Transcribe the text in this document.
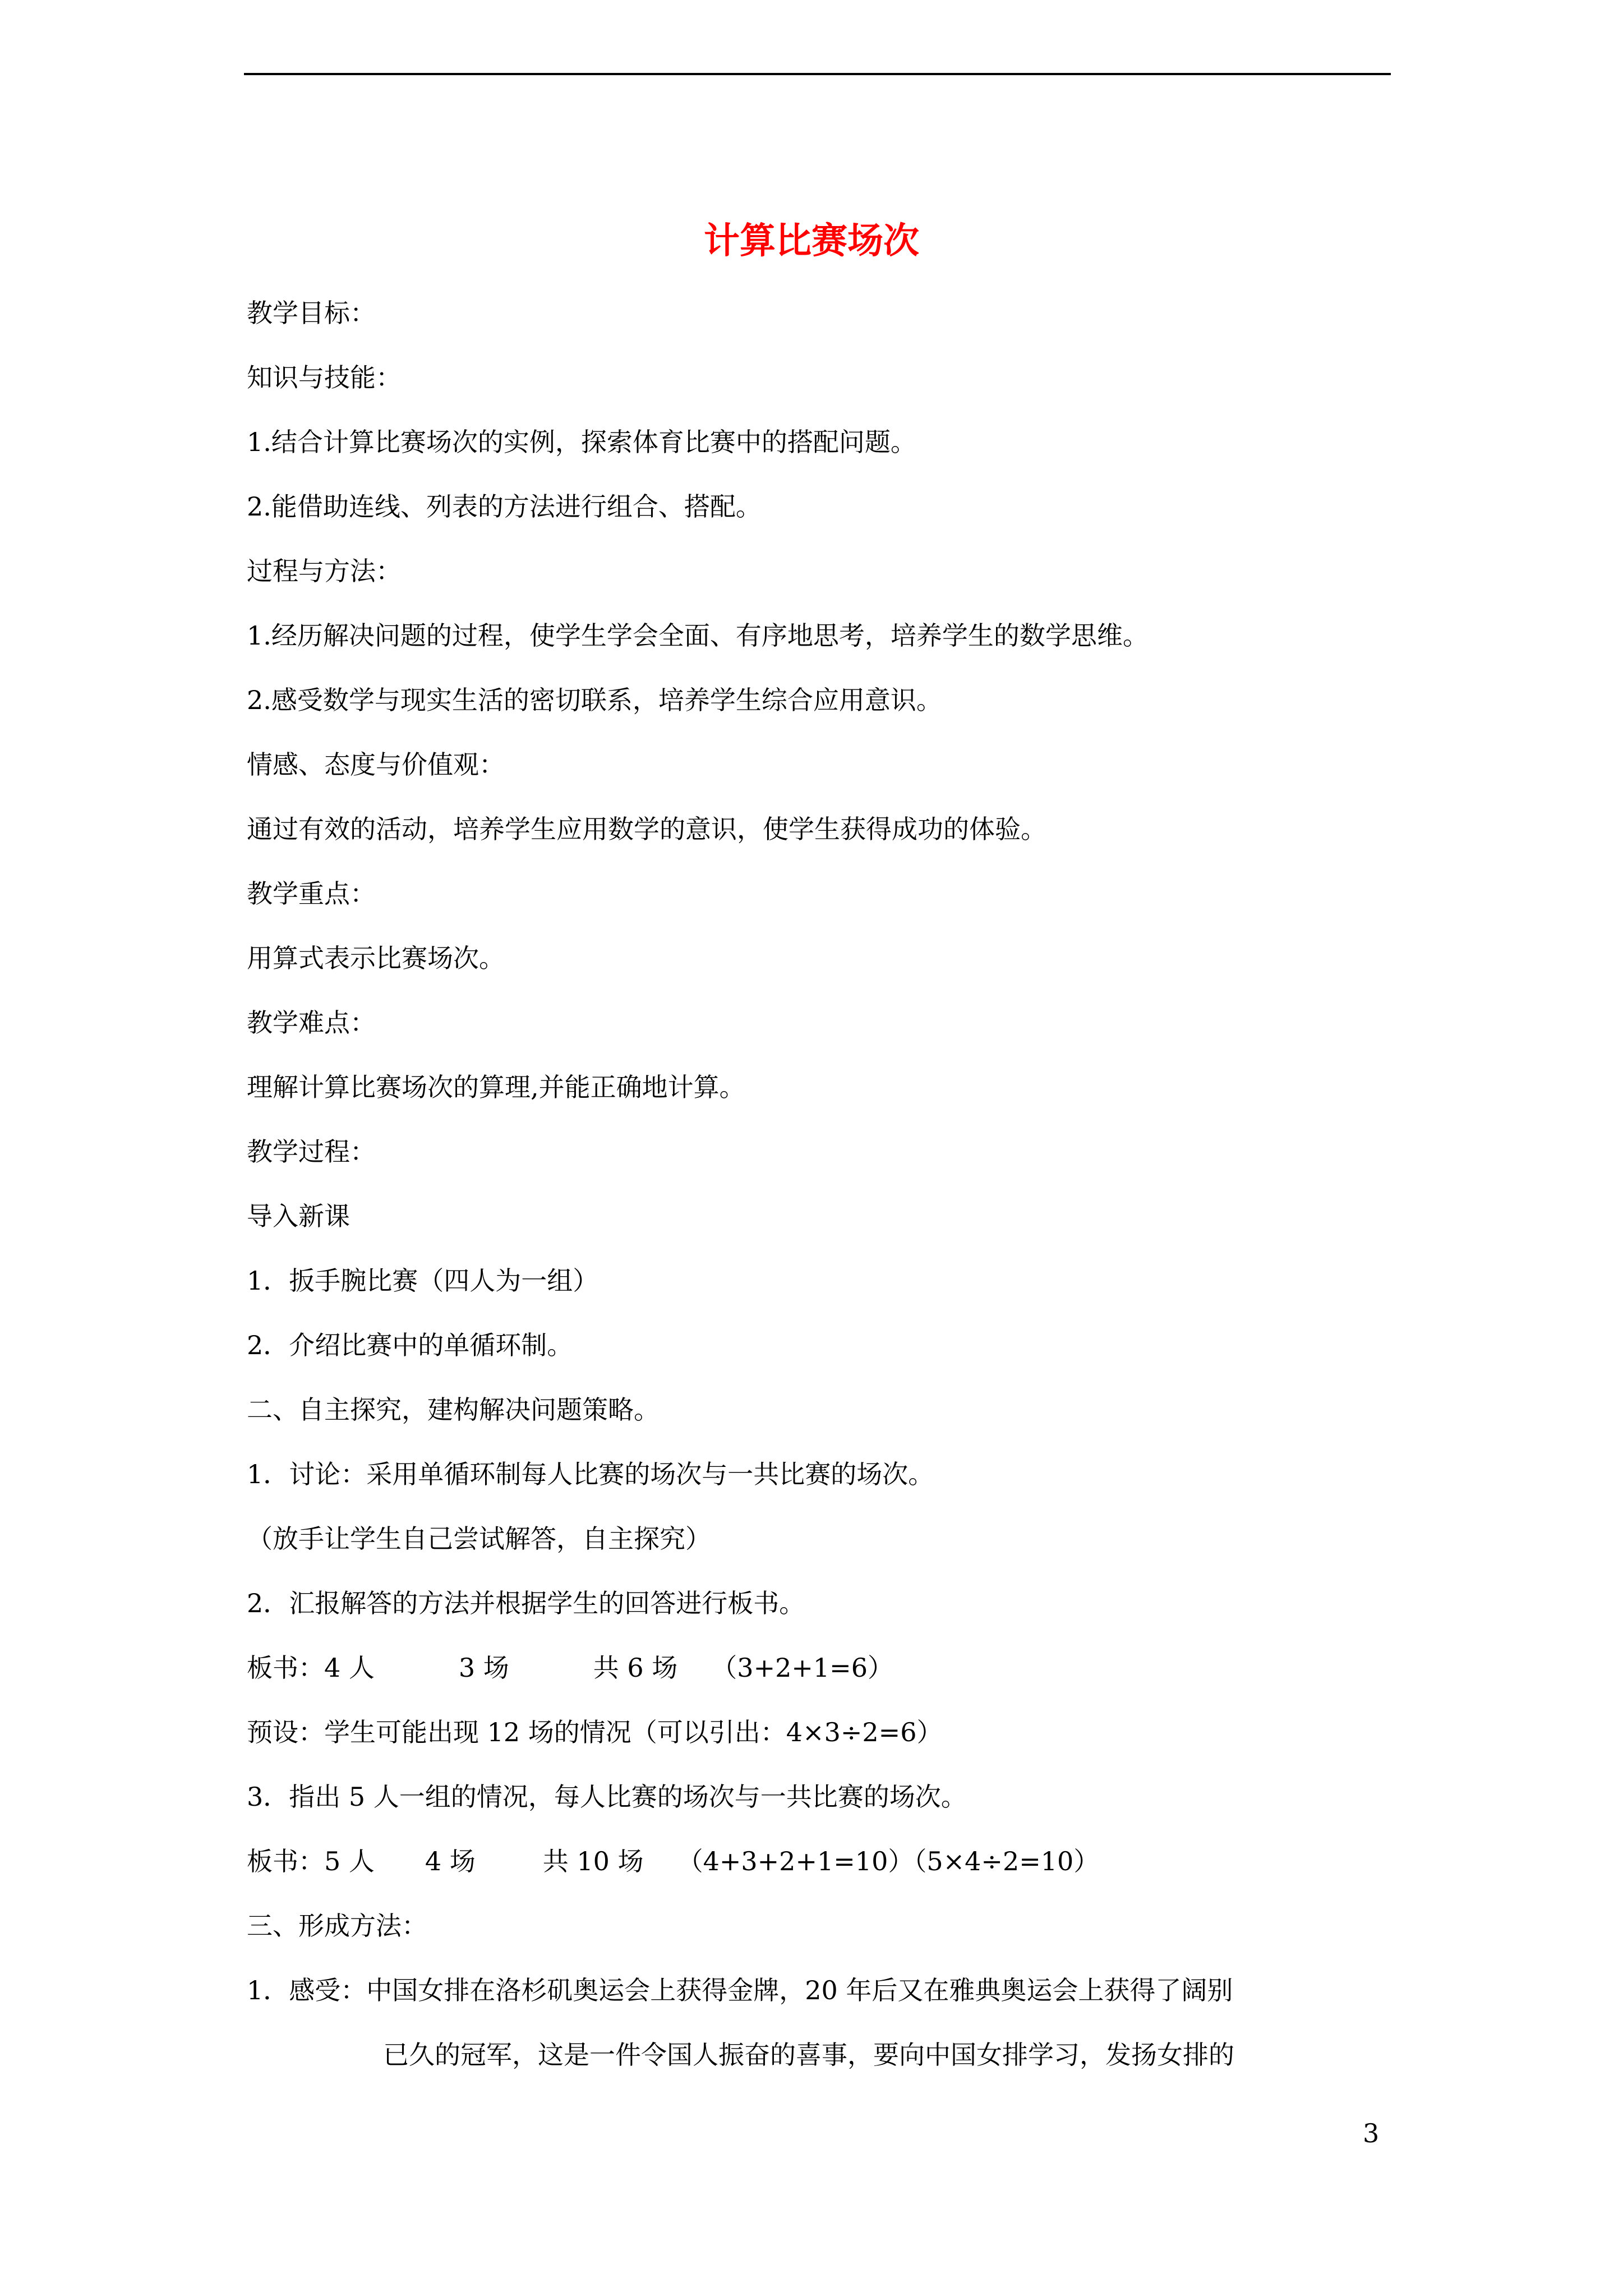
计算比赛场次
教学目标：
知识与技能：
1.结合计算比赛场次的实例，探索体育比赛中的搭配问题。
2.能借助连线、列表的方法进行组合、搭配。
过程与方法：
1.经历解决问题的过程，使学生学会全面、有序地思考，培养学生的数学思维。
2.感受数学与现实生活的密切联系，培养学生综合应用意识。
情感、态度与价值观：
通过有效的活动，培养学生应用数学的意识，使学生获得成功的体验。
教学重点：
用算式表示比赛场次。
教学难点：
理解计算比赛场次的算理,并能正确地计算。
教学过程：
导入新课
1．扳手腕比赛（四人为一组）
2．介绍比赛中的单循环制。
二、自主探究，建构解决问题策略。
1．讨论：采用单循环制每人比赛的场次与一共比赛的场次。
（放手让学生自己尝试解答，自主探究）
2．汇报解答的方法并根据学生的回答进行板书。
板书：4 人	3 场	共 6 场 （3+2+1=6）
预设：学生可能出现 12 场的情况（可以引出：4×3÷2=6）
3．指出 5 人一组的情况，每人比赛的场次与一共比赛的场次。
板书：5 人 4 场	共 10 场 （4+3+2+1=10）（5×4÷2=10）
三、形成方法：
1．感受：中国女排在洛杉矶奥运会上获得金牌，20 年后又在雅典奥运会上获得了阔别
已久的冠军，这是一件令国人振奋的喜事，要向中国女排学习，发扬女排的
3
